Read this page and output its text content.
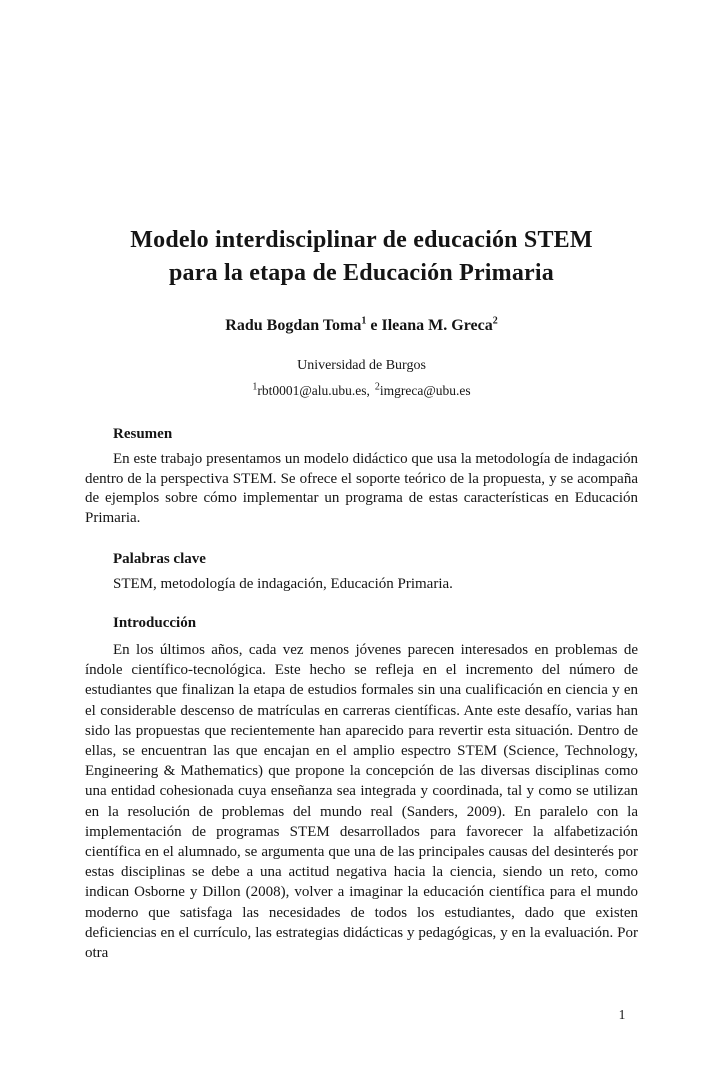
Modelo interdisciplinar de educación STEM
para la etapa de Educación Primaria
Radu Bogdan Toma$^1$ e Ileana M. Greca$^2$
Universidad de Burgos
$^1$rbt0001@alu.ubu.es, $^2$imgreca@ubu.es
Resumen

En este trabajo presentamos un modelo didáctico que usa la metodología de indagación dentro de la perspectiva STEM. Se ofrece el soporte teórico de la propuesta, y se acompaña de ejemplos sobre cómo implementar un programa de estas características en Educación Primaria.

Palabras clave

STEM, metodología de indagación, Educación Primaria.

Introducción

En los últimos años, cada vez menos jóvenes parecen interesados en problemas de índole científico-tecnológica. Este hecho se refleja en el incremento del número de estudiantes que finalizan la etapa de estudios formales sin una cualificación en ciencia y en el considerable descenso de matrículas en carreras científicas. Ante este desafío, varias han sido las propuestas que recientemente han aparecido para revertir esta situación. Dentro de ellas, se encuentran las que encajan en el amplio espectro STEM (Science, Technology, Engineering & Mathematics) que propone la concepción de las diversas disciplinas como una entidad cohesionada cuya enseñanza sea integrada y coordinada, tal y como se utilizan en la resolución de problemas del mundo real (Sanders, 2009). En paralelo con la implementación de programas STEM desarrollados para favorecer la alfabetización científica en el alumnado, se argumenta que una de las principales causas del desinterés por estas disciplinas se debe a una actitud negativa hacia la ciencia, siendo un reto, como indican Osborne y Dillon (2008), volver a imaginar la educación científica para el mundo moderno que satisfaga las necesidades de todos los estudiantes, dado que existen deficiencias en el currículo, las estrategias didácticas y pedagógicas, y en la evaluación. Por otra

1
